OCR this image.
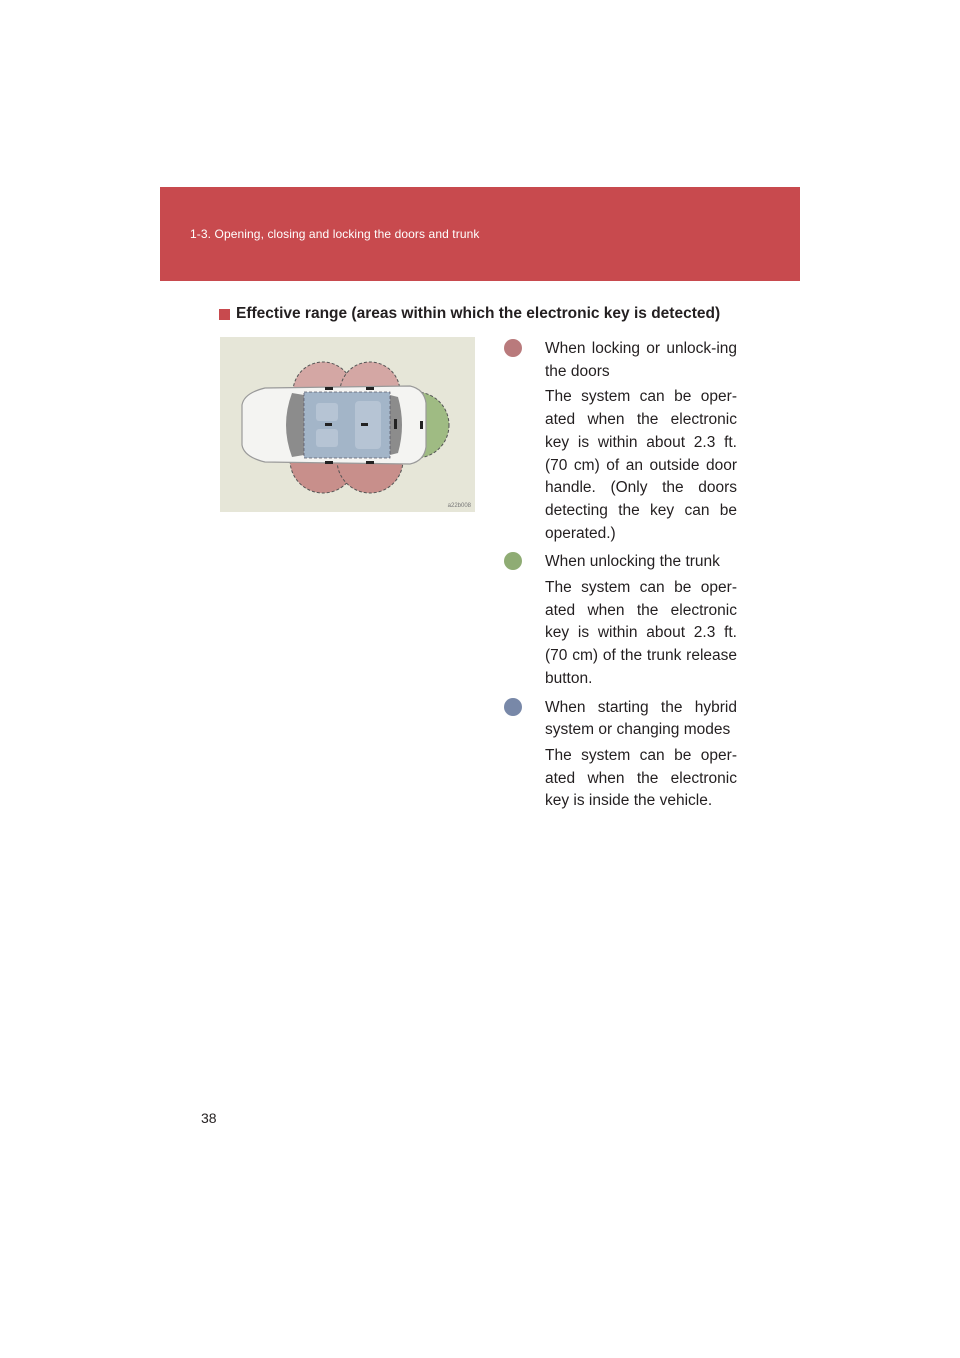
1-3. Opening, closing and locking the doors and trunk
Effective range (areas within which the electronic key is detected)
a22b008
When locking or unlock-ing the doors
The system can be oper-ated when the electronic key is within about 2.3 ft. (70 cm) of an outside door handle. (Only the doors detecting the key can be operated.)
When unlocking the trunk
The system can be oper-ated when the electronic key is within about 2.3 ft. (70 cm) of the trunk release button.
When starting the hybrid system or changing modes
The system can be oper-ated when the electronic key is inside the vehicle.
38
